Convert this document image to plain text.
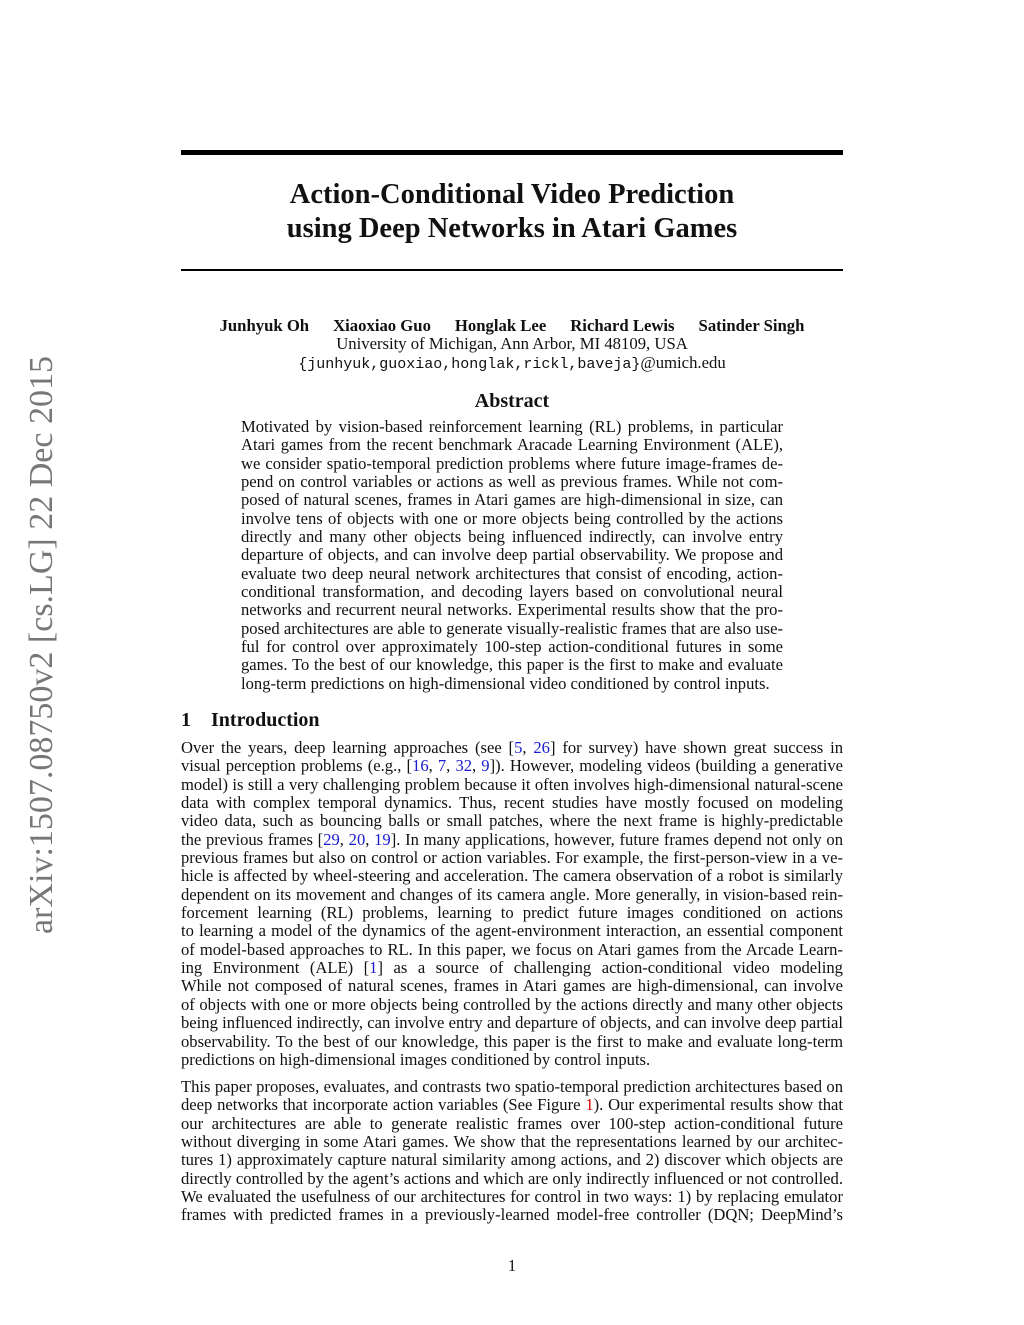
arXiv:1507.08750v2 [cs.LG] 22 Dec 2015
Action-Conditional Video Prediction
using Deep Networks in Atari Games
Junhyuk Oh Xiaoxiao Guo Honglak Lee Richard Lewis Satinder Singh
University of Michigan, Ann Arbor, MI 48109, USA
{junhyuk,guoxiao,honglak,rickl,baveja}@umich.edu
Abstract
Motivated by vision-based reinforcement learning (RL) problems, in particular
Atari games from the recent benchmark Aracade Learning Environment (ALE),
we consider spatio-temporal prediction problems where future image-frames de-
pend on control variables or actions as well as previous frames. While not com-
posed of natural scenes, frames in Atari games are high-dimensional in size, can
involve tens of objects with one or more objects being controlled by the actions
directly and many other objects being influenced indirectly, can involve entry
departure of objects, and can involve deep partial observability. We propose and
evaluate two deep neural network architectures that consist of encoding, action-
conditional transformation, and decoding layers based on convolutional neural
networks and recurrent neural networks. Experimental results show that the pro-
posed architectures are able to generate visually-realistic frames that are also use-
ful for control over approximately 100-step action-conditional futures in some
games. To the best of our knowledge, this paper is the first to make and evaluate
long-term predictions on high-dimensional video conditioned by control inputs.
1 Introduction
Over the years, deep learning approaches (see [5, 26] for survey) have shown great success in
visual perception problems (e.g., [16, 7, 32, 9]). However, modeling videos (building a generative
model) is still a very challenging problem because it often involves high-dimensional natural-scene
data with complex temporal dynamics. Thus, recent studies have mostly focused on modeling
video data, such as bouncing balls or small patches, where the next frame is highly-predictable
the previous frames [29, 20, 19]. In many applications, however, future frames depend not only on
previous frames but also on control or action variables. For example, the first-person-view in a ve-
hicle is affected by wheel-steering and acceleration. The camera observation of a robot is similarly
dependent on its movement and changes of its camera angle. More generally, in vision-based rein-
forcement learning (RL) problems, learning to predict future images conditioned on actions
to learning a model of the dynamics of the agent-environment interaction, an essential component
of model-based approaches to RL. In this paper, we focus on Atari games from the Arcade Learn-
ing Environment (ALE) [1] as a source of challenging action-conditional video modeling
While not composed of natural scenes, frames in Atari games are high-dimensional, can involve
of objects with one or more objects being controlled by the actions directly and many other objects
being influenced indirectly, can involve entry and departure of objects, and can involve deep partial
observability. To the best of our knowledge, this paper is the first to make and evaluate long-term
predictions on high-dimensional images conditioned by control inputs.
This paper proposes, evaluates, and contrasts two spatio-temporal prediction architectures based on
deep networks that incorporate action variables (See Figure 1). Our experimental results show that
our architectures are able to generate realistic frames over 100-step action-conditional future
without diverging in some Atari games. We show that the representations learned by our architec-
tures 1) approximately capture natural similarity among actions, and 2) discover which objects are
directly controlled by the agent’s actions and which are only indirectly influenced or not controlled.
We evaluated the usefulness of our architectures for control in two ways: 1) by replacing emulator
frames with predicted frames in a previously-learned model-free controller (DQN; DeepMind’s
1
